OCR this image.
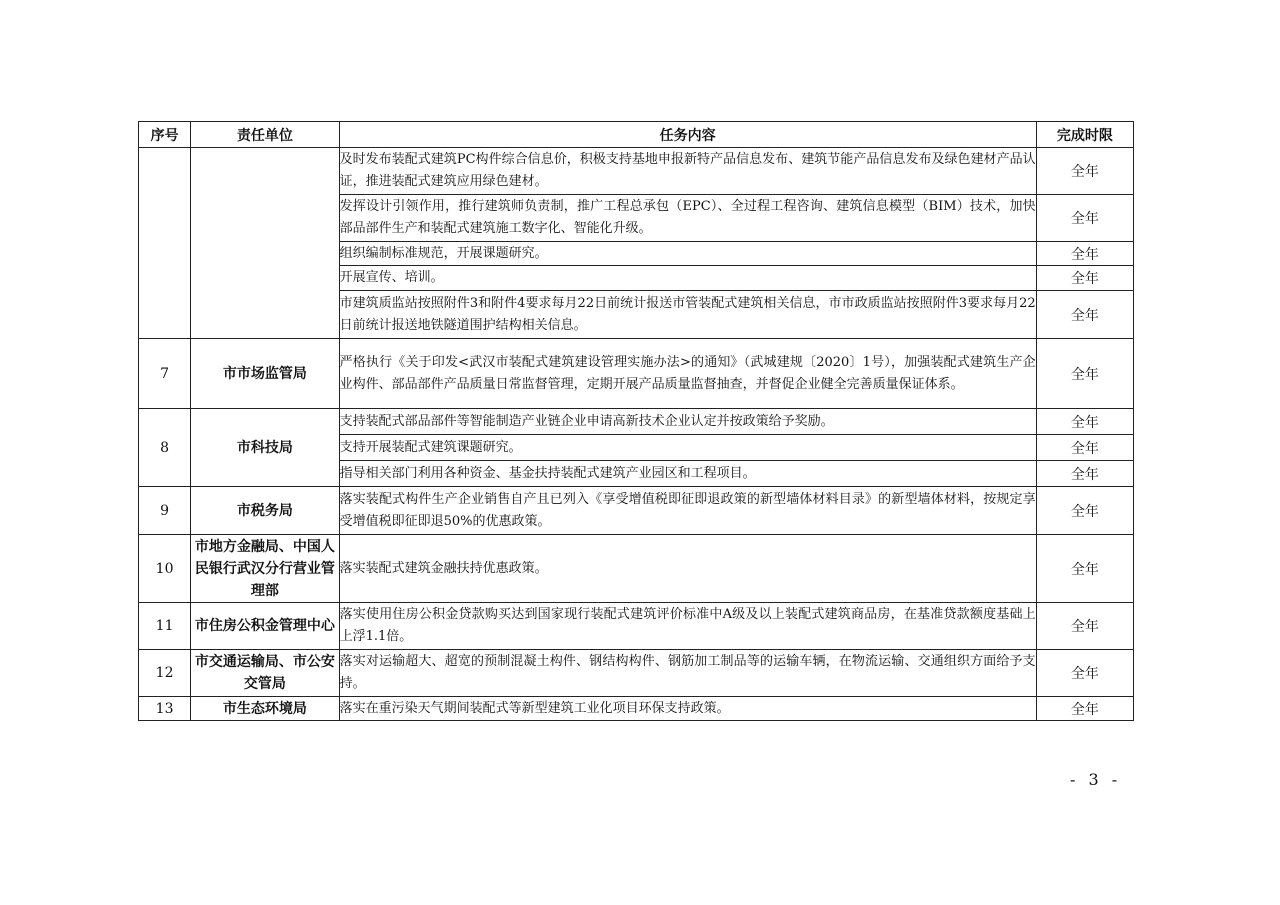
序号	责任单位	任务内容	完成时限
		及时发布装配式建筑PC构件综合信息价，积极支持基地申报新特产品信息发布、建筑节能产品信息发布及绿色建材产品认证，推进装配式建筑应用绿色建材。	全年
		发挥设计引领作用，推行建筑师负责制，推广工程总承包（EPC）、全过程工程咨询、建筑信息模型（BIM）技术，加快部品部件生产和装配式建筑施工数字化、智能化升级。	全年
		组织编制标准规范，开展课题研究。	全年
		开展宣传、培训。	全年
		市建筑质监站按照附件3和附件4要求每月22日前统计报送市管装配式建筑相关信息，市市政质监站按照附件3要求每月22日前统计报送地铁隧道围护结构相关信息。	全年
7	市市场监管局	严格执行《关于印发<武汉市装配式建筑建设管理实施办法>的通知》（武城建规〔2020〕1号），加强装配式建筑生产企业构件、部品部件产品质量日常监督管理，定期开展产品质量监督抽查，并督促企业健全完善质量保证体系。	全年
8	市科技局	支持装配式部品部件等智能制造产业链企业申请高新技术企业认定并按政策给予奖励。	全年
		支持开展装配式建筑课题研究。	全年
		指导相关部门利用各种资金、基金扶持装配式建筑产业园区和工程项目。	全年
9	市税务局	落实装配式构件生产企业销售自产且已列入《享受增值税即征即退政策的新型墙体材料目录》的新型墙体材料，按规定享受增值税即征即退50%的优惠政策。	全年
10	市地方金融局、中国人民银行武汉分行营业管理部	落实装配式建筑金融扶持优惠政策。	全年
11	市住房公积金管理中心	落实使用住房公积金贷款购买达到国家现行装配式建筑评价标准中A级及以上装配式建筑商品房，在基准贷款额度基础上上浮1.1倍。	全年
12	市交通运输局、市公安交管局	落实对运输超大、超宽的预制混凝土构件、钢结构构件、钢筋加工制品等的运输车辆，在物流运输、交通组织方面给予支持。	全年
13	市生态环境局	落实在重污染天气期间装配式等新型建筑工业化项目环保支持政策。	全年
- 3 -
